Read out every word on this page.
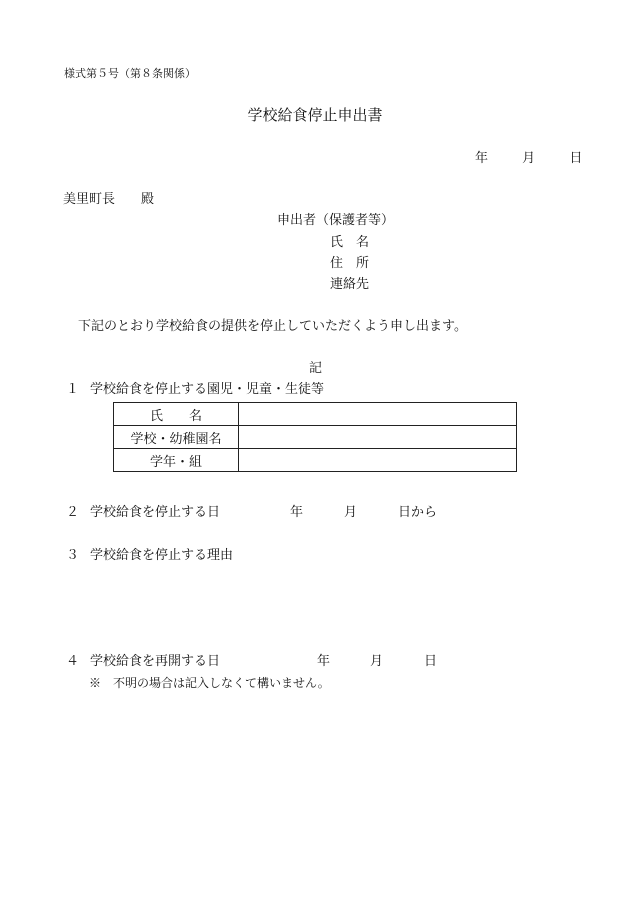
様式第５号（第８条関係）
学校給食停止申出書
年	月	日
美里町長 殿
申出者（保護者等）
氏　名
住　所
連絡先
下記のとおり学校給食の提供を停止していただくよう申し出ます。
記
１ 学校給食を停止する園児・児童・生徒等
氏　　名	
学校・幼稚園名	
学年・組	
２ 学校給食を停止する日	年	月	日から
３ 学校給食を停止する理由
４ 学校給食を再開する日	年	月	日
※　不明の場合は記入しなくて構いません。
